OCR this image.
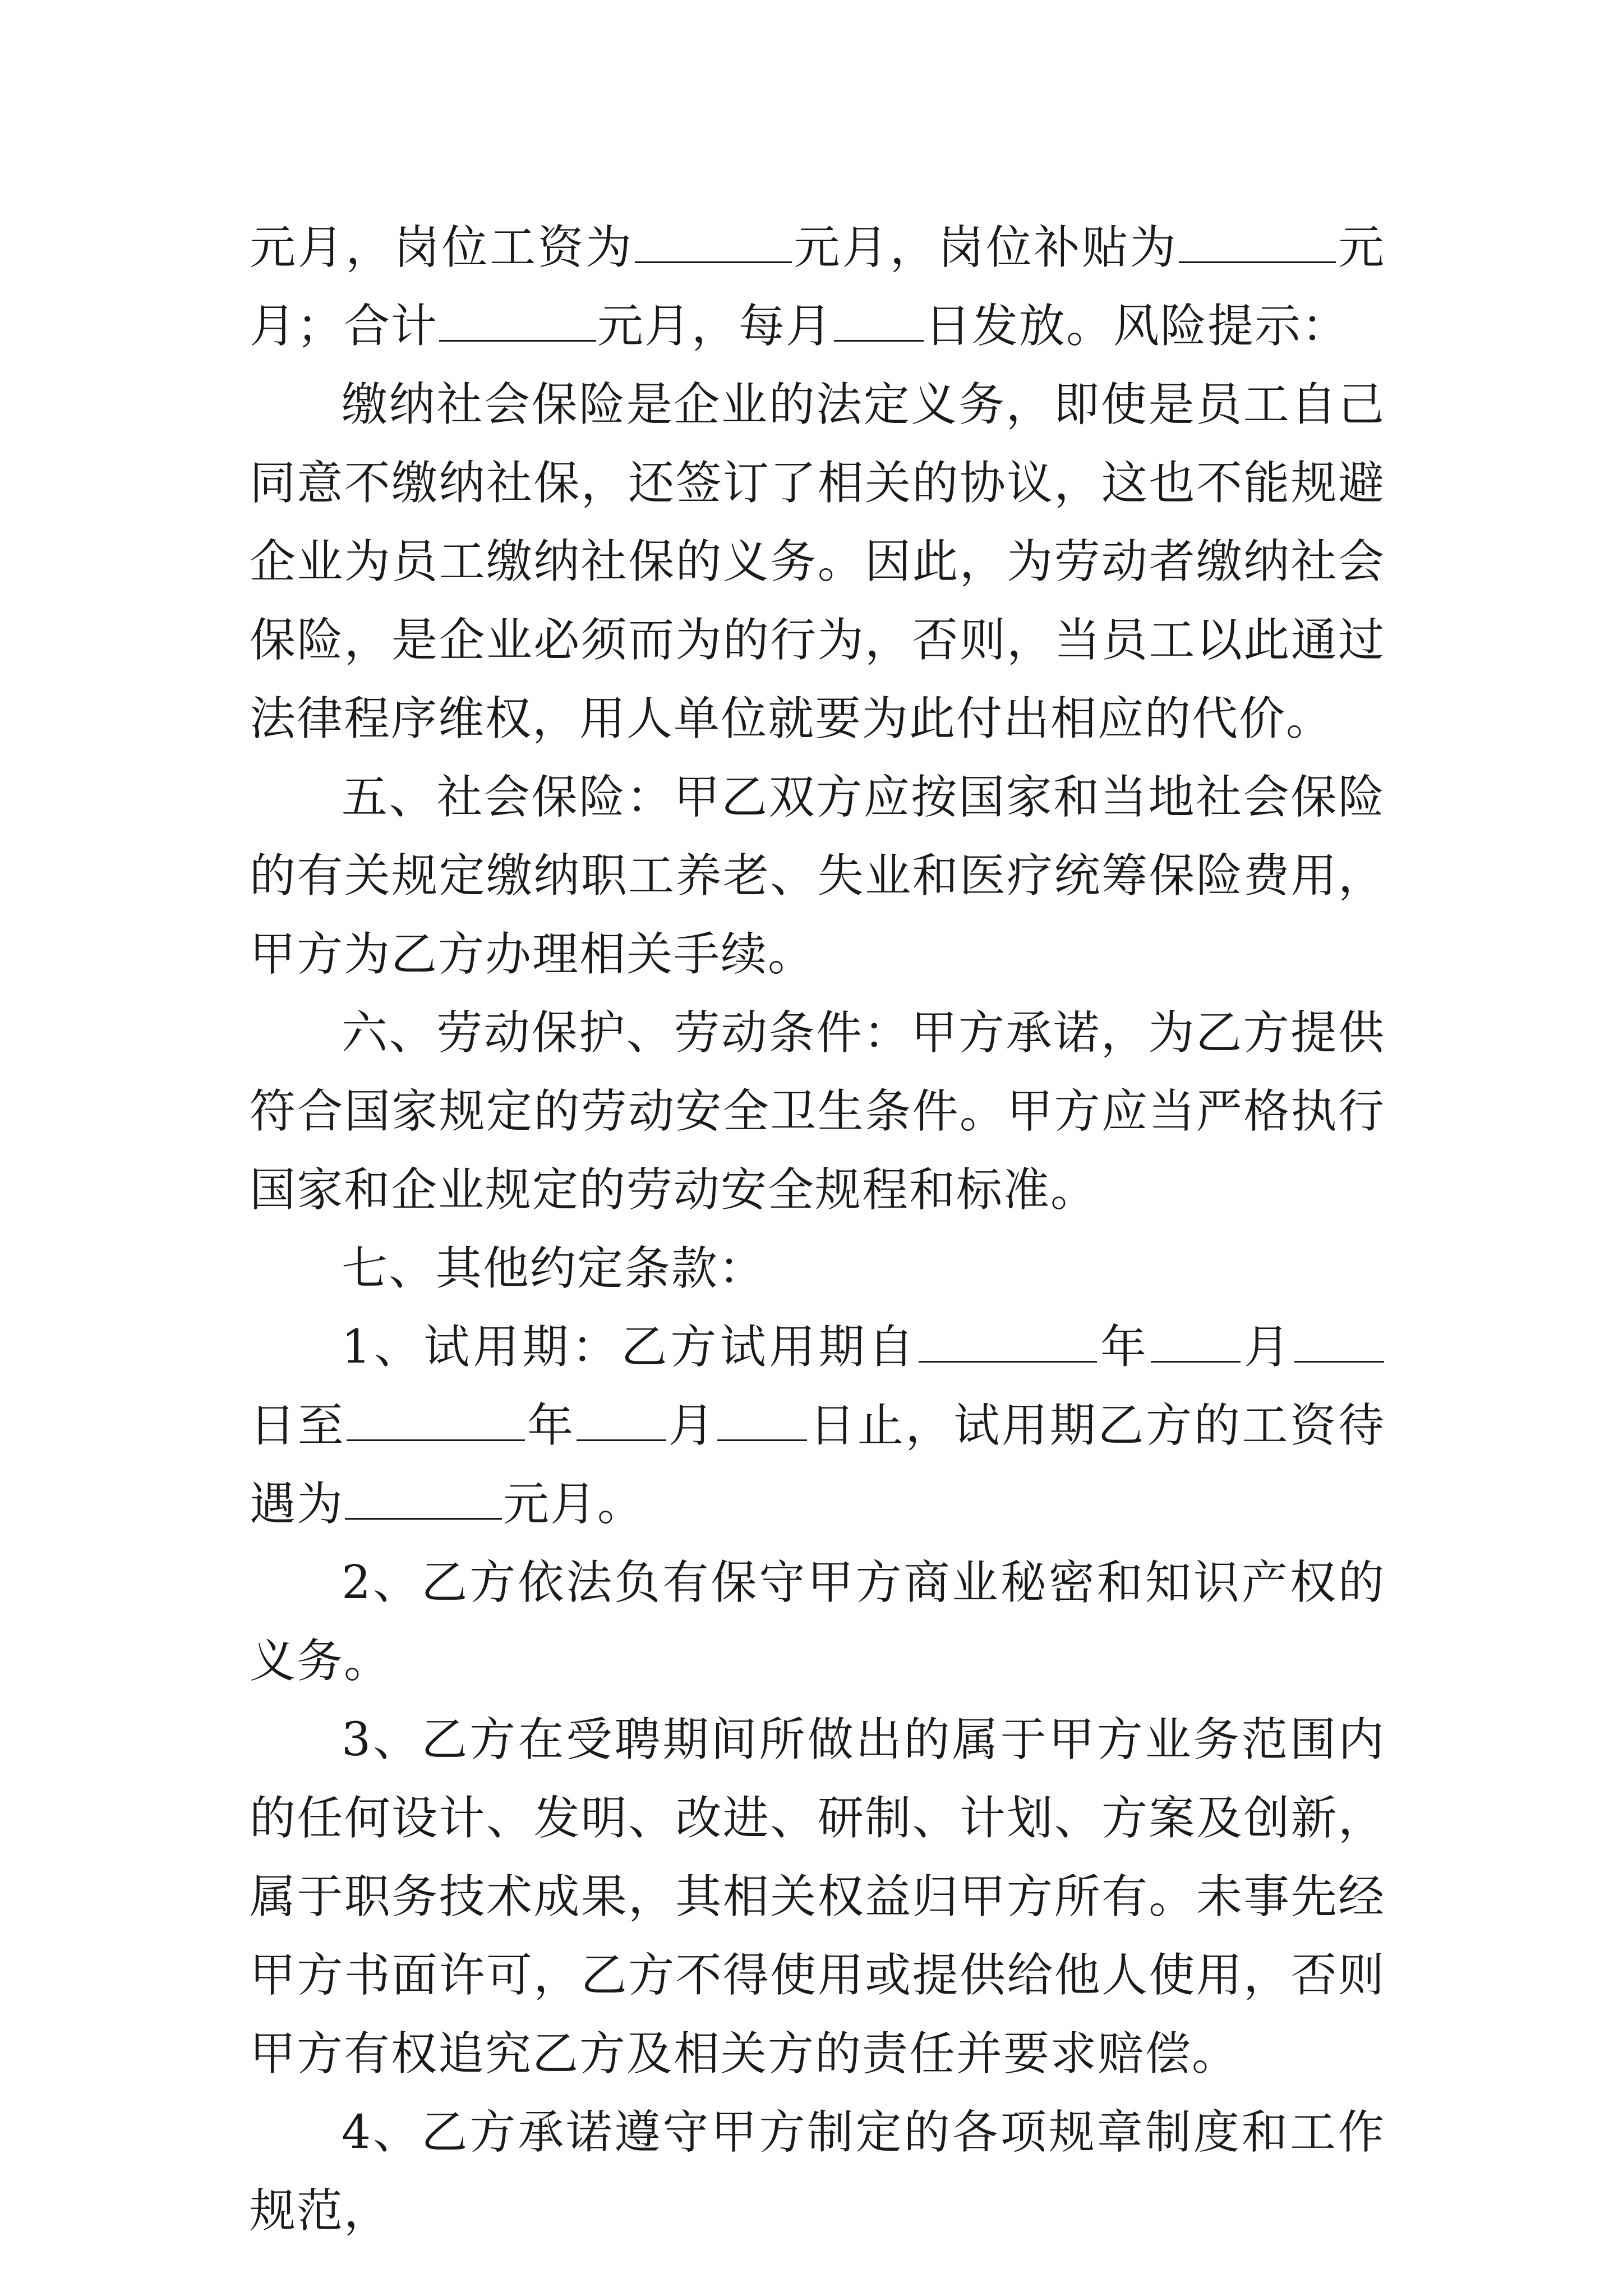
元月，岗位工资为	元月，岗位补贴为	元月；合计	元月，每月 日发放。风险提示：

缴纳社会保险是企业的法定义务，即使是员工自己同意不缴纳社保，还签订了相关的协议，这也不能规避企业为员工缴纳社保的义务。因此，为劳动者缴纳社会保险，是企业必须而为的行为，否则，当员工以此通过法律程序维权，用人单位就要为此付出相应的代价。

五、社会保险：甲乙双方应按国家和当地社会保险的有关规定缴纳职工养老、失业和医疗统筹保险费用，甲方为乙方办理相关手续。

六、劳动保护、劳动条件：甲方承诺，为乙方提供符合国家规定的劳动安全卫生条件。甲方应当严格执行国家和企业规定的劳动安全规程和标准。

七、其他约定条款：

1、试用期：乙方试用期自	年 月日至	年 月 日止，试用期乙方的工资待遇为	元月。

2、乙方依法负有保守甲方商业秘密和知识产权的义务。

3、乙方在受聘期间所做出的属于甲方业务范围内的任何设计、发明、改进、研制、计划、方案及创新，属于职务技术成果，其相关权益归甲方所有。未事先经甲方书面许可，乙方不得使用或提供给他人使用，否则甲方有权追究乙方及相关方的责任并要求赔偿。

4、乙方承诺遵守甲方制定的各项规章制度和工作规范，
